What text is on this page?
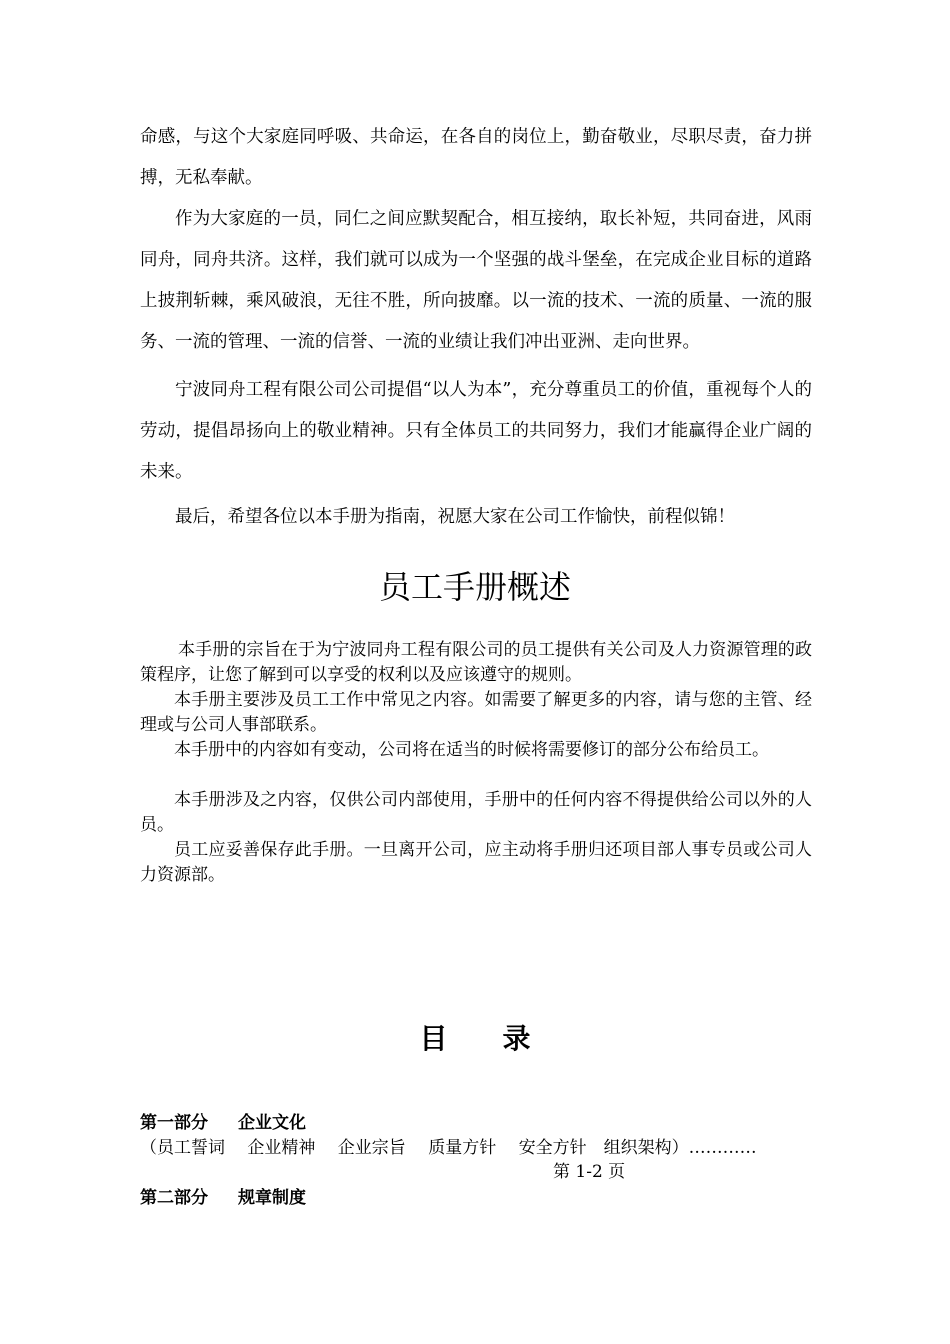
命感，与这个大家庭同呼吸、共命运，在各自的岗位上，勤奋敬业，尽职尽责，奋力拼搏，无私奉献。

作为大家庭的一员，同仁之间应默契配合，相互接纳，取长补短，共同奋进，风雨同舟，同舟共济。这样，我们就可以成为一个坚强的战斗堡垒，在完成企业目标的道路上披荆斩棘，乘风破浪，无往不胜，所向披靡。以一流的技术、一流的质量、一流的服务、一流的管理、一流的信誉、一流的业绩让我们冲出亚洲、走向世界。

宁波同舟工程有限公司公司提倡“以人为本”，充分尊重员工的价值，重视每个人的劳动，提倡昂扬向上的敬业精神。只有全体员工的共同努力，我们才能赢得企业广阔的未来。

最后，希望各位以本手册为指南，祝愿大家在公司工作愉快，前程似锦！

员工手册概述

本手册的宗旨在于为宁波同舟工程有限公司的员工提供有关公司及人力资源管理的政策程序，让您了解到可以享受的权利以及应该遵守的规则。

本手册主要涉及员工工作中常见之内容。如需要了解更多的内容，请与您的主管、经理或与公司人事部联系。

本手册中的内容如有变动，公司将在适当的时候将需要修订的部分公布给员工。

本手册涉及之内容，仅供公司内部使用，手册中的任何内容不得提供给公司以外的人员。

员工应妥善保存此手册。一旦离开公司，应主动将手册归还项目部人事专员或公司人力资源部。

目 录

第一部分 企业文化

（员工誓词　 企业精神　 企业宗旨　 质量方针　 安全方针　组织架构）…………

第 1-2 页

第二部分 规章制度
